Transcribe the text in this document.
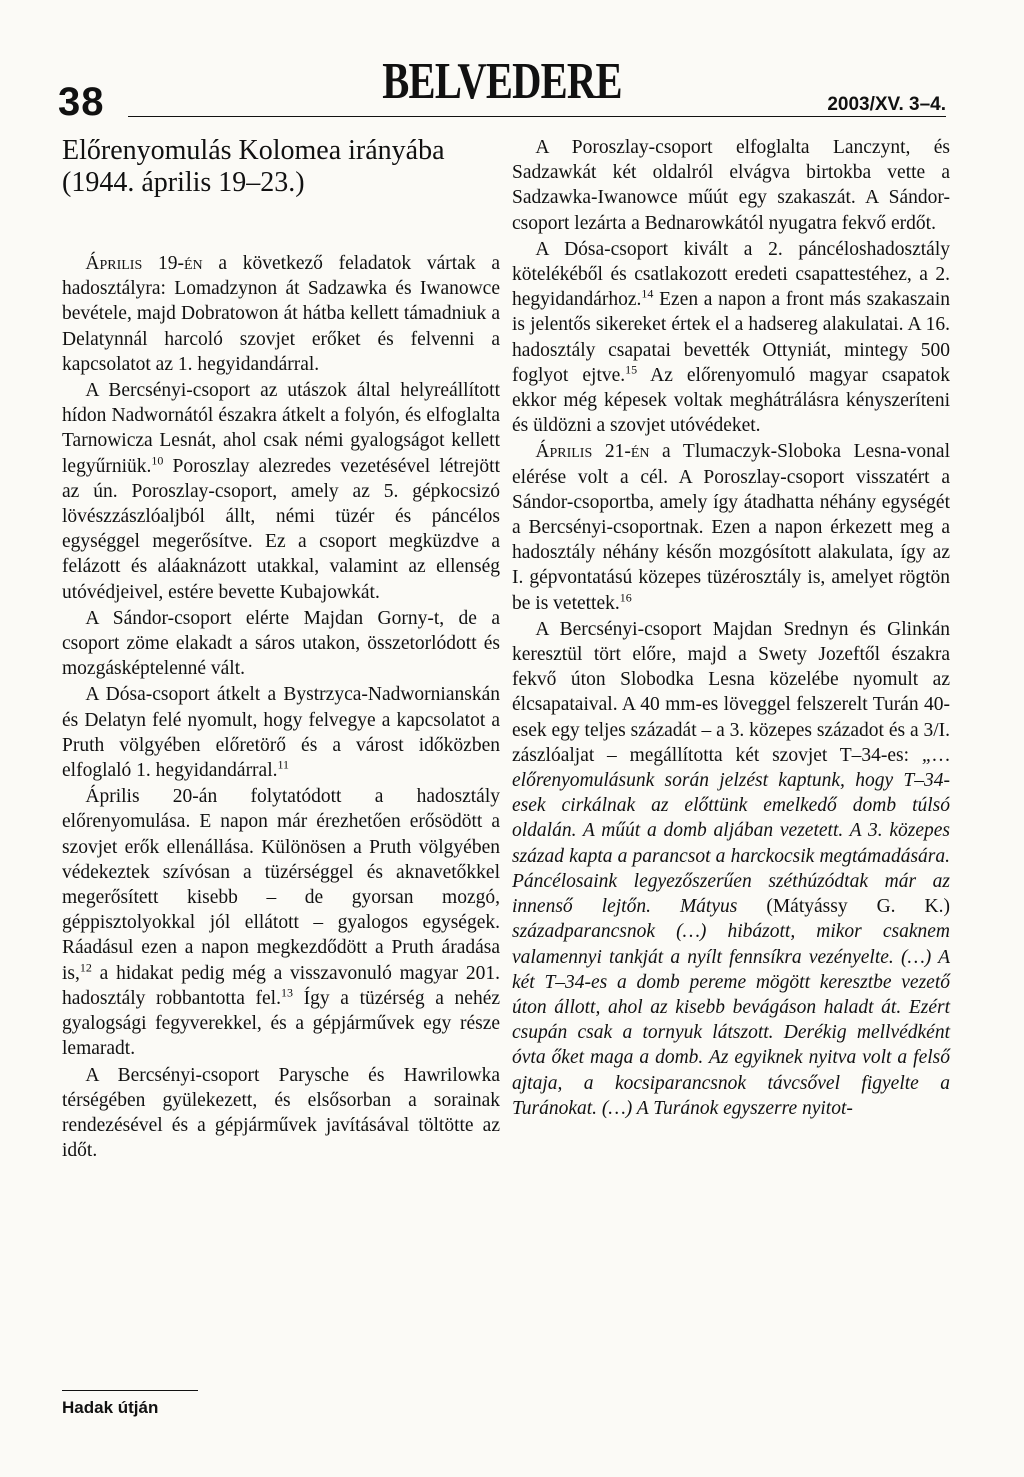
38	BELVEDERE	2003/XV. 3–4.
Előrenyomulás Kolomea irányába
(1944. április 19–23.)

Április 19-én a következő feladatok vártak a hadosztályra: Lomadzynon át Sadzawka és Iwanowce bevétele, majd Dobratowon át hátba kellett támadniuk a Delatynnál harcoló szovjet erőket és felvenni a kapcsolatot az 1. hegyidandárral.

A Bercsényi-csoport az utászok által helyreállított hídon Nadwornától északra átkelt a folyón, és elfoglalta Tarnowicza Lesnát, ahol csak némi gyalogságot kellett legyűrniük.$^{10}$ Poroszlay alezredes vezetésével létrejött az ún. Poroszlay-csoport, amely az 5. gépkocsizó lövészzászlóaljból állt, némi tüzér és páncélos egységgel megerősítve. Ez a csoport megküzdve a felázott és aláaknázott utakkal, valamint az ellenség utóvédjeivel, estére bevette Kubajowkát.

A Sándor-csoport elérte Majdan Gorny-t, de a csoport zöme elakadt a sáros utakon, összetorlódott és mozgásképtelenné vált.

A Dósa-csoport átkelt a Bystrzyca-Nadwornianskán és Delatyn felé nyomult, hogy felvegye a kapcsolatot a Pruth völgyében előretörő és a várost időközben elfoglaló 1. hegyidandárral.$^{11}$

Április 20-án folytatódott a hadosztály előrenyomulása. E napon már érezhetően erősödött a szovjet erők ellenállása. Különösen a Pruth völgyében védekeztek szívósan a tüzérséggel és aknavetőkkel megerősített kisebb – de gyorsan mozgó, géppisztolyokkal jól ellátott – gyalogos egységek. Ráadásul ezen a napon megkezdődött a Pruth áradása is,$^{12}$ a hidakat pedig még a visszavonuló magyar 201. hadosztály robbantotta fel.$^{13}$ Így a tüzérség a nehéz gyalogsági fegyverekkel, és a gépjárművek egy része lemaradt.

A Bercsényi-csoport Parysche és Hawrilowka térségében gyülekezett, és elsősorban a sorainak rendezésével és a gépjárművek javításával töltötte az időt.

A Poroszlay-csoport elfoglalta Lanczynt, és Sadzawkát két oldalról elvágva birtokba vette a Sadzawka-Iwanowce műút egy szakaszát. A Sándor-csoport lezárta a Bednarowkától nyugatra fekvő erdőt.

A Dósa-csoport kivált a 2. páncéloshadosztály kötelékéből és csatlakozott eredeti csapattestéhez, a 2. hegyidandárhoz.$^{14}$ Ezen a napon a front más szakaszain is jelentős sikereket értek el a hadsereg alakulatai. A 16. hadosztály csapatai bevették Ottyniát, mintegy 500 foglyot ejtve.$^{15}$ Az előrenyomuló magyar csapatok ekkor még képesek voltak meghátrálásra kényszeríteni és üldözni a szovjet utóvédeket.

Április 21-én a Tlumaczyk-Sloboka Lesna-vonal elérése volt a cél. A Poroszlay-csoport visszatért a Sándor-csoportba, amely így átadhatta néhány egységét a Bercsényi-csoportnak. Ezen a napon érkezett meg a hadosztály néhány későn mozgósított alakulata, így az I. gépvontatású közepes tüzérosztály is, amelyet rögtön be is vetettek.$^{16}$

A Bercsényi-csoport Majdan Srednyn és Glinkán keresztül tört előre, majd a Swety Jozeftől északra fekvő úton Slobodka Lesna közelébe nyomult az élcsapataival. A 40 mm-es löveggel felszerelt Turán 40-esek egy teljes századát – a 3. közepes századot és a 3/I. zászlóaljat – megállította két szovjet T–34-es: „…előrenyomulásunk során jelzést kaptunk, hogy T–34-esek cirkálnak az előttünk emelkedő domb túlsó oldalán. A műút a domb aljában vezetett. A 3. közepes század kapta a parancsot a harckocsik megtámadására. Páncélosaink legyezőszerűen széthúzódtak már az innenső lejtőn. Mátyus (Mátyássy G. K.) századparancsnok (…) hibázott, mikor csaknem valamennyi tankját a nyílt fennsíkra vezényelte. (…) A két T–34-es a domb pereme mögött keresztbe vezető úton állott, ahol az kisebb bevágáson haladt át. Ezért csupán csak a tornyuk látszott. Derékig mellvédként óvta őket maga a domb. Az egyiknek nyitva volt a felső ajtaja, a kocsiparancsnok távcsővel figyelte a Turánokat. (…) A Turánok egyszerre nyitot-

Hadak útján
